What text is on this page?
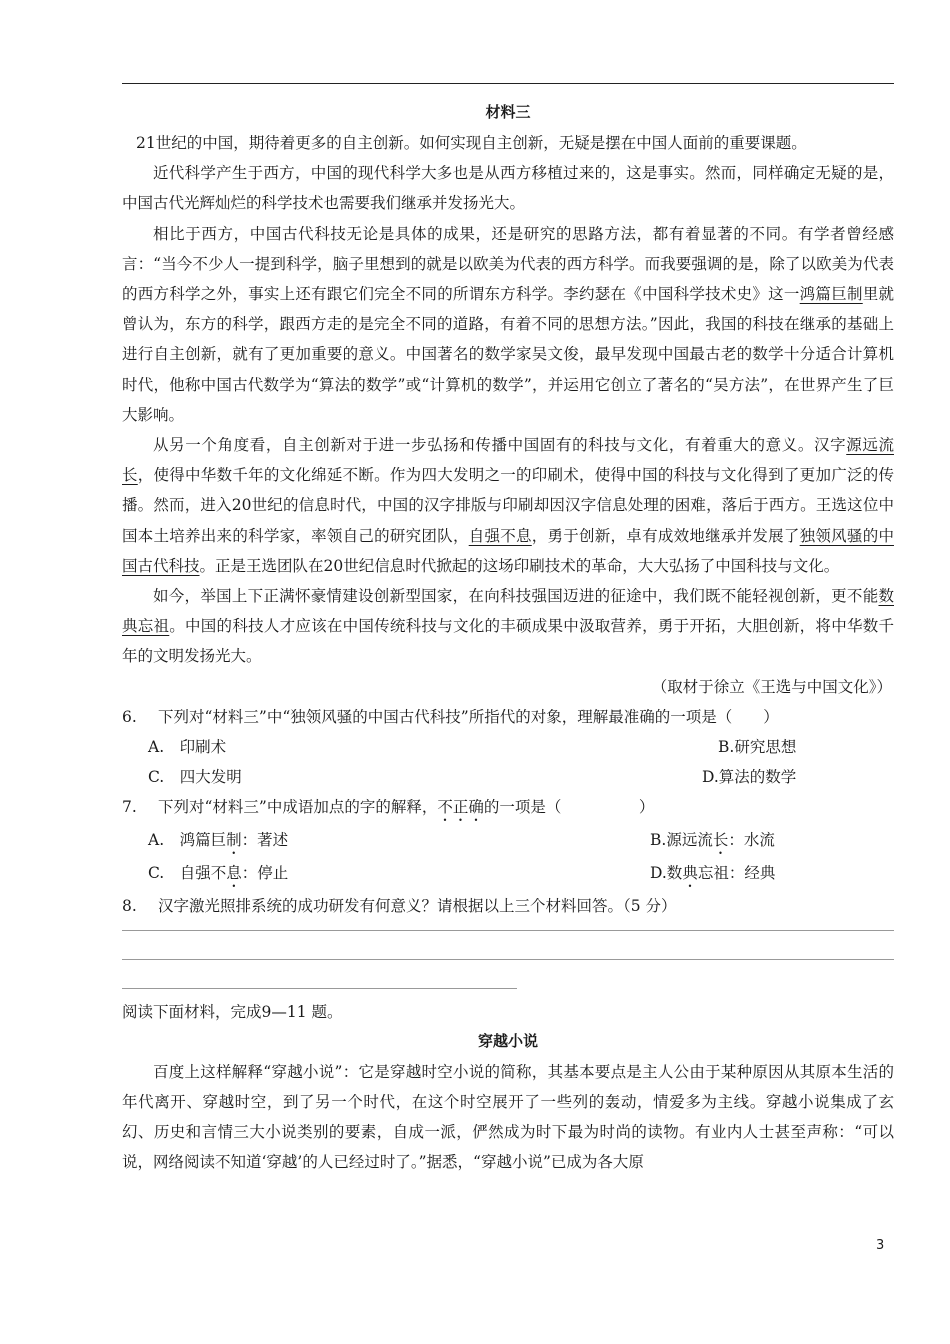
材料三

21世纪的中国，期待着更多的自主创新。如何实现自主创新，无疑是摆在中国人面前的重要课题。

近代科学产生于西方，中国的现代科学大多也是从西方移植过来的，这是事实。然而，同样确定无疑的是，中国古代光辉灿烂的科学技术也需要我们继承并发扬光大。

相比于西方，中国古代科技无论是具体的成果，还是研究的思路方法，都有着显著的不同。有学者曾经感言：“当今不少人一提到科学，脑子里想到的就是以欧美为代表的西方科学。而我要强调的是，除了以欧美为代表的西方科学之外，事实上还有跟它们完全不同的所谓东方科学。李约瑟在《中国科学技术史》这一鸿篇巨制里就曾认为，东方的科学，跟西方走的是完全不同的道路，有着不同的思想方法。”因此，我国的科技在继承的基础上进行自主创新，就有了更加重要的意义。中国著名的数学家吴文俊，最早发现中国最古老的数学十分适合计算机时代，他称中国古代数学为“算法的数学”或“计算机的数学”，并运用它创立了著名的“吴方法”，在世界产生了巨大影响。

从另一个角度看，自主创新对于进一步弘扬和传播中国固有的科技与文化，有着重大的意义。汉字源远流长，使得中华数千年的文化绵延不断。作为四大发明之一的印刷术，使得中国的科技与文化得到了更加广泛的传播。然而，进入20世纪的信息时代，中国的汉字排版与印刷却因汉字信息处理的困难，落后于西方。王选这位中国本土培养出来的科学家，率领自己的研究团队，自强不息，勇于创新，卓有成效地继承并发展了独领风骚的中国古代科技。正是王选团队在20世纪信息时代掀起的这场印刷技术的革命，大大弘扬了中国科技与文化。

如今，举国上下正满怀豪情建设创新型国家，在向科技强国迈进的征途中，我们既不能轻视创新，更不能数典忘祖。中国的科技人才应该在中国传统科技与文化的丰硕成果中汲取营养，勇于开拓，大胆创新，将中华数千年的文明发扬光大。

（取材于徐立《王选与中国文化》）

6.	下列对“材料三”中“独领风骚的中国古代科技”所指代的对象，理解最准确的一项是（　　）
A.　印刷术	B.研究思想
C.　四大发明	D.算法的数学
7.	下列对“材料三”中成语加点的字的解释，不正确的一项是（　　　　　）
A.　鸿篇巨制：著述	B.源远流长：水流
C.　自强不息：停止	D.数典忘祖：经典
8.	汉字激光照排系统的成功研发有何意义？请根据以上三个材料回答。（5 分）

阅读下面材料，完成9—11 题。

穿越小说

百度上这样解释“穿越小说”：它是穿越时空小说的简称，其基本要点是主人公由于某种原因从其原本生活的年代离开、穿越时空，到了另一个时代，在这个时空展开了一些列的轰动，情爱多为主线。穿越小说集成了玄幻、历史和言情三大小说类别的要素，自成一派，俨然成为时下最为时尚的读物。有业内人士甚至声称：“可以说，网络阅读不知道‘穿越’的人已经过时了。”据悉，“穿越小说”已成为各大原

3
